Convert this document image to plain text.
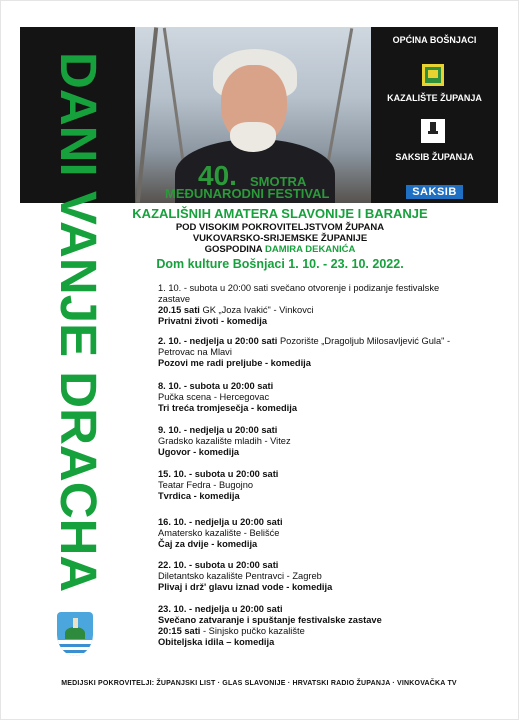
OPĆINA BOŠNJACI
KAZALIŠTE ŽUPANJA
SAKSIB ŽUPANJA
SAKSIB
DANI VANJE DRACHA	40. SMOTRA
MEĐUNARODNI FESTIVAL
KAZALIŠNIH AMATERA SLAVONIJE I BARANJE
POD VISOKIM POKROVITELJSTVOM ŽUPANA
VUKOVARSKO-SRIJEMSKE ŽUPANIJE
GOSPODINA DAMIRA DEKANIĆA
Dom kulture Bošnjaci 1. 10. - 23. 10. 2022.
1. 10. - subota u 20:00 sati svečano otvorenje i podizanje festivalske zastave
20.15 sati GK „Joza Ivakić" - Vinkovci
Privatni životi - komedija
2. 10. - nedjelja u 20:00 sati Pozorište „Dragoljub Milosavljević Gula" - Petrovac na Mlavi
Pozovi me radi preljube - komedija
8. 10. - subota u 20:00 sati
Pučka scena - Hercegovac
Tri treća tromjesečja - komedija
9. 10. - nedjelja u 20:00 sati
Gradsko kazalište mladih - Vitez
Ugovor - komedija
15. 10. - subota u 20:00 sati
Teatar Fedra - Bugojno
Tvrdica - komedija
16. 10. - nedjelja u 20:00 sati
Amatersko kazalište - Belišće
Čaj za dvije - komedija
22. 10. - subota u 20:00 sati
Diletantsko kazalište Pentravci - Zagreb
Plivaj i drž' glavu iznad vode - komedija
23. 10. - nedjelja u 20:00 sati
Svečano zatvaranje i spuštanje festivalske zastave
20:15 sati - Sinjsko pučko kazalište
Obiteljska idila – komedija
MEDIJSKI POKROVITELJI: ŽUPANJSKI LIST · GLAS SLAVONIJE · HRVATSKI RADIO ŽUPANJA · VINKOVAČKA TV
